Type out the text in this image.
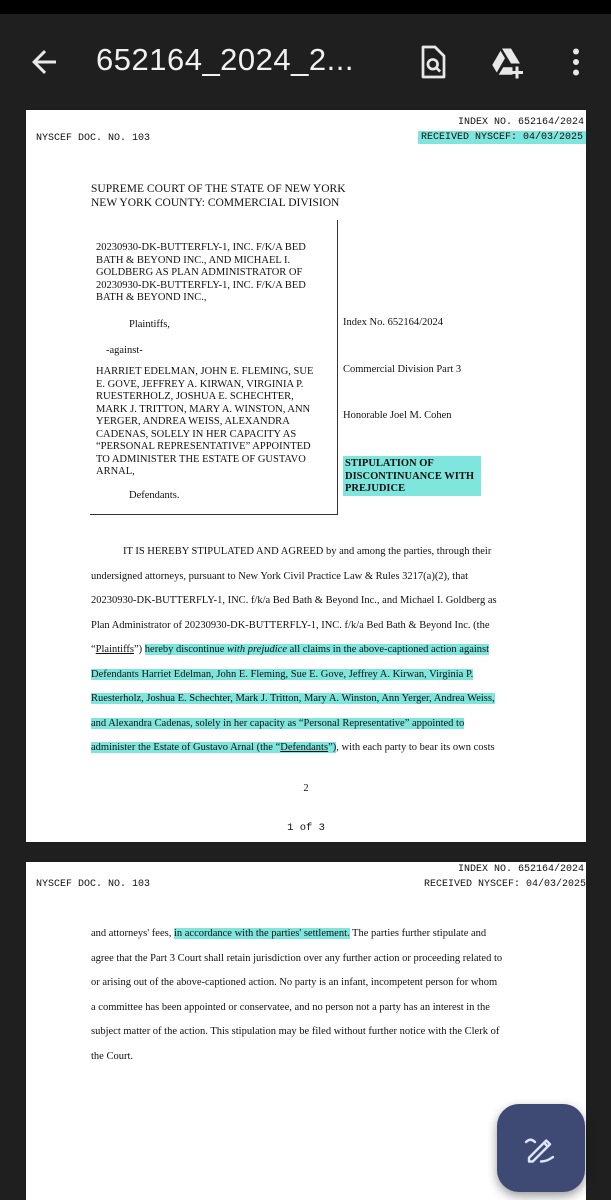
652164_2024_2...
INDEX NO. 652164/2024
NYSCEF DOC. NO. 103	RECEIVED NYSCEF: 04/03/2025
SUPREME COURT OF THE STATE OF NEW YORK
NEW YORK COUNTY: COMMERCIAL DIVISION
20230930-DK-BUTTERFLY-1, INC. F/K/A BED
BATH & BEYOND INC., AND MICHAEL I.
GOLDBERG AS PLAN ADMINISTRATOR OF
20230930-DK-BUTTERFLY-1, INC. F/K/A BED
BATH & BEYOND INC.,
Plaintiffs,
-against-
HARRIET EDELMAN, JOHN E. FLEMING, SUE
E. GOVE, JEFFREY A. KIRWAN, VIRGINIA P.
RUESTERHOLZ, JOSHUA E. SCHECHTER,
MARK J. TRITTON, MARY A. WINSTON, ANN
YERGER, ANDREA WEISS, ALEXANDRA
CADENAS, SOLELY IN HER CAPACITY AS
“PERSONAL REPRESENTATIVE” APPOINTED
TO ADMINISTER THE ESTATE OF GUSTAVO
ARNAL,
Defendants.
Index No. 652164/2024
Commercial Division Part 3
Honorable Joel M. Cohen
STIPULATION OF
DISCONTINUANCE WITH
PREJUDICE
IT IS HEREBY STIPULATED AND AGREED by and among the parties, through their
undersigned attorneys, pursuant to New York Civil Practice Law & Rules 3217(a)(2), that
20230930-DK-BUTTERFLY-1, INC. f/k/a Bed Bath & Beyond Inc., and Michael I. Goldberg as
Plan Administrator of 20230930-DK-BUTTERFLY-1, INC. f/k/a Bed Bath & Beyond Inc. (the
“Plaintiffs”) hereby discontinue with prejudice all claims in the above-captioned action against
Defendants Harriet Edelman, John E. Fleming, Sue E. Gove, Jeffrey A. Kirwan, Virginia P.
Ruesterholz, Joshua E. Schechter, Mark J. Tritton, Mary A. Winston, Ann Yerger, Andrea Weiss,
and Alexandra Cadenas, solely in her capacity as “Personal Representative” appointed to
administer the Estate of Gustavo Arnal (the “Defendants”), with each party to bear its own costs
2
1 of 3
INDEX NO. 652164/2024
NYSCEF DOC. NO. 103	RECEIVED NYSCEF: 04/03/2025
and attorneys' fees, in accordance with the parties' settlement. The parties further stipulate and
agree that the Part 3 Court shall retain jurisdiction over any further action or proceeding related to
or arising out of the above-captioned action. No party is an infant, incompetent person for whom
a committee has been appointed or conservatee, and no person not a party has an interest in the
subject matter of the action. This stipulation may be filed without further notice with the Clerk of
the Court.
